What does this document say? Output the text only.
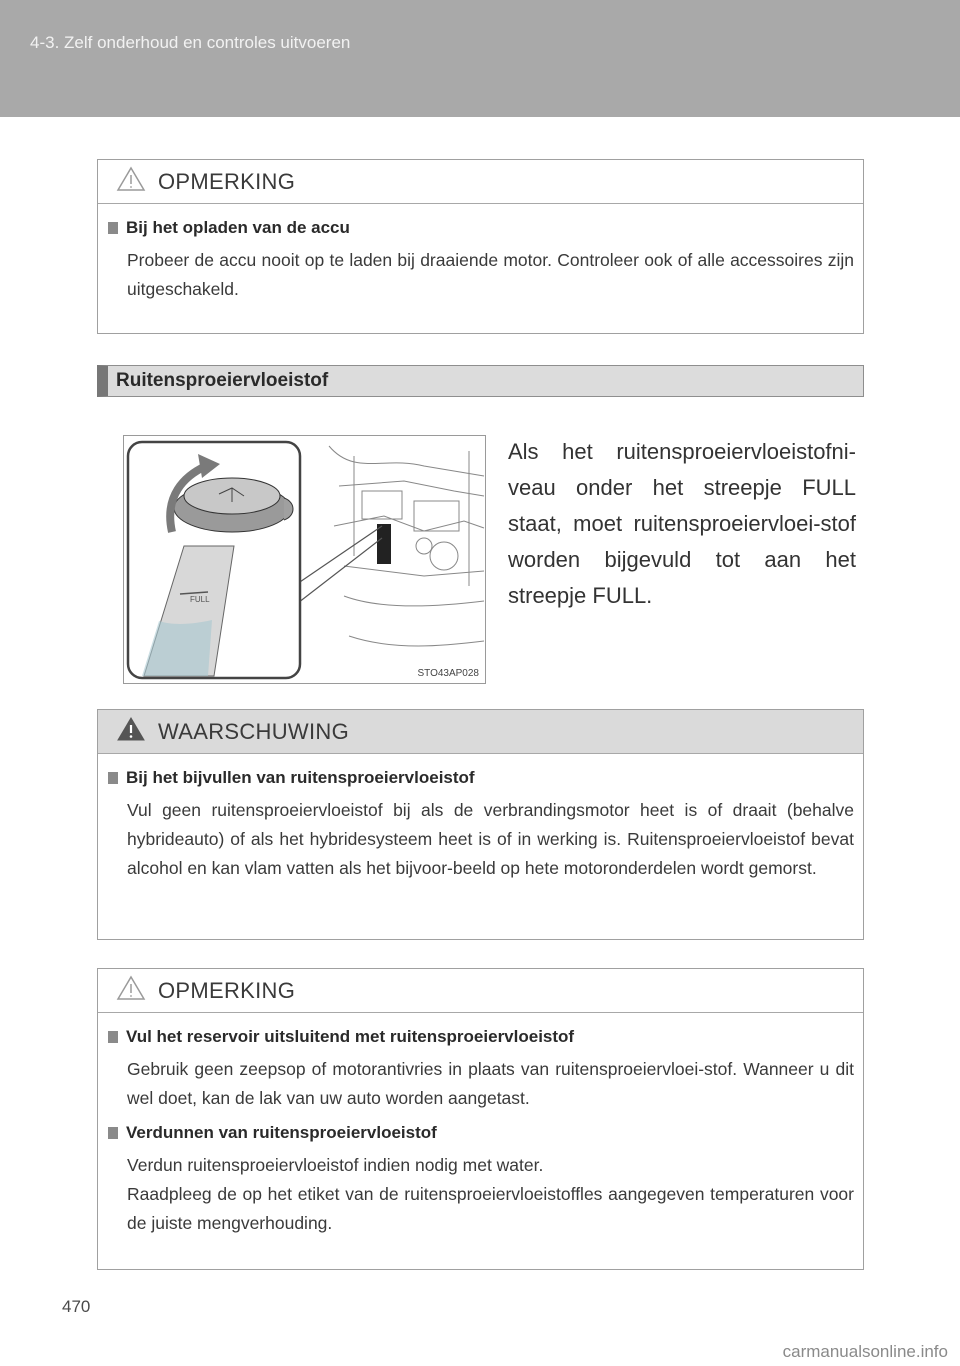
4-3. Zelf onderhoud en controles uitvoeren
OPMERKING
Bij het opladen van de accu
Probeer de accu nooit op te laden bij draaiende motor. Controleer ook of alle accessoires zijn uitgeschakeld.
Ruitensproeiervloeistof
FULL
STO43AP028
Als het ruitensproeiervloeistofni-veau onder het streepje FULL staat, moet ruitensproeiervloei-stof worden bijgevuld tot aan het streepje FULL.
WAARSCHUWING
Bij het bijvullen van ruitensproeiervloeistof
Vul geen ruitensproeiervloeistof bij als de verbrandingsmotor heet is of draait (behalve hybrideauto) of als het hybridesysteem heet is of in werking is. Ruitensproeiervloeistof bevat alcohol en kan vlam vatten als het bijvoor-beeld op hete motoronderdelen wordt gemorst.
OPMERKING
Vul het reservoir uitsluitend met ruitensproeiervloeistof
Gebruik geen zeepsop of motorantivries in plaats van ruitensproeiervloei-stof. Wanneer u dit wel doet, kan de lak van uw auto worden aangetast.
Verdunnen van ruitensproeiervloeistof
Verdun ruitensproeiervloeistof indien nodig met water.
Raadpleeg de op het etiket van de ruitensproeiervloeistoffles aangegeven temperaturen voor de juiste mengverhouding.
470
carmanualsonline.info
